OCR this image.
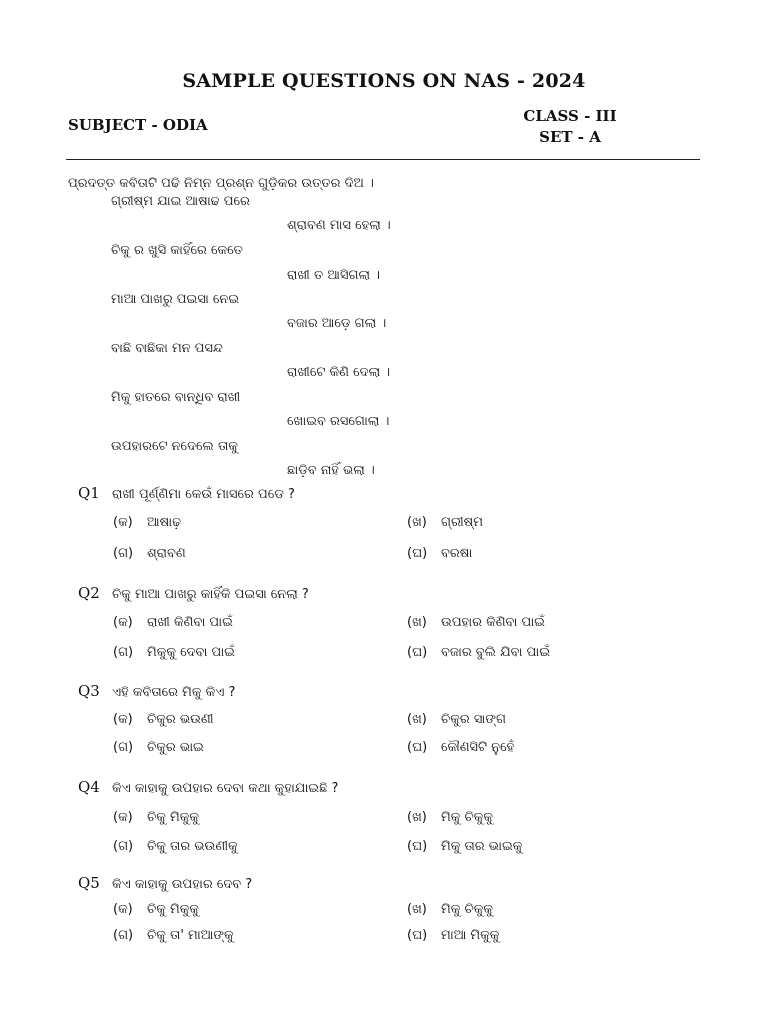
SAMPLE QUESTIONS ON NAS - 2024
SUBJECT - ODIA	CLASS - III
SET - A
ପ୍ରଦତ୍ତ କବିତାଟି ପଢି ନିମ୍ନ ପ୍ରଶ୍ନ ଗୁଡ଼ିକର ଉତ୍ତର ଦିଅ ।
ଗ୍ରୀଷ୍ମ ଯାଇ ଆଷାଢ ପରେ
ଶ୍ରାବଣ ମାସ ହେଲା ।
ଚିକୁ ର ଖୁସି କାହିଁରେ କେତେ
ରାଖୀ ତ ଆସିଗଲା ।
ମାଆ ପାଖରୁ ପଇସା ନେଇ
ବଜାର ଆଡ଼େ ଗଲା ।
ବାଛି ବାଛିକା ମନ ପସନ୍ଦ
ରାଖୀଟେ କିଣି ଦେଲା ।
ମିକୁ ହାତରେ ବାନ୍ଧିବ ରାଖୀ
ଖୋଇବ ରସଗୋଲା ।
ଉପହାରଟେ ନଦେଲେ ତାକୁ
ଛାଡ଼ିବ ନାହିଁ ଭଲା ।
Q1 ରାଖୀ ପୂର୍ଣ୍ଣିମା କେଉଁ ମାସରେ ପଡେ ?
(କ) ଆଷାଢ଼	(ଖ) ଗ୍ରୀଷ୍ମ
(ଗ) ଶ୍ରାବଣ	(ଘ) ବରଷା
Q2 ଚିକୁ ମାଆ ପାଖରୁ କାହିଁକି ପଇସା ନେଲା ?
(କ) ରାଖୀ କିଣିବା ପାଇଁ	(ଖ) ଉପହାର କିଣିବା ପାଇଁ
(ଗ) ମିକୁକୁ ଦେବା ପାଇଁ	(ଘ) ବଜାର ବୁଲି ଯିବା ପାଇଁ
Q3 ଏହି କବିତାରେ ମିକୁ କିଏ ?
(କ) ଚିକୁର ଭଉଣୀ	(ଖ) ଚିକୁର ସାଙ୍ଗ
(ଗ) ଚିକୁର ଭାଇ	(ଘ) କୌଣସିଟି ନୁହେଁ
Q4 କିଏ କାହାକୁ ଉପହାର ଦେବା କଥା କୁହାଯାଇଛି ?
(କ) ଚିକୁ ମିକୁକୁ	(ଖ) ମିକୁ ଚିକୁକୁ
(ଗ) ଚିକୁ ତାର ଭଉଣୀକୁ	(ଘ) ମିକୁ ତାର ଭାଇକୁ
Q5 କିଏ କାହାକୁ ଉପହାର ଦେବ ?
(କ) ଚିକୁ ମିକୁକୁ	(ଖ) ମିକୁ ଚିକୁକୁ
(ଗ) ଚିକୁ ତା' ମାଆଙ୍କୁ	(ଘ) ମାଆ ମିକୁକୁ
